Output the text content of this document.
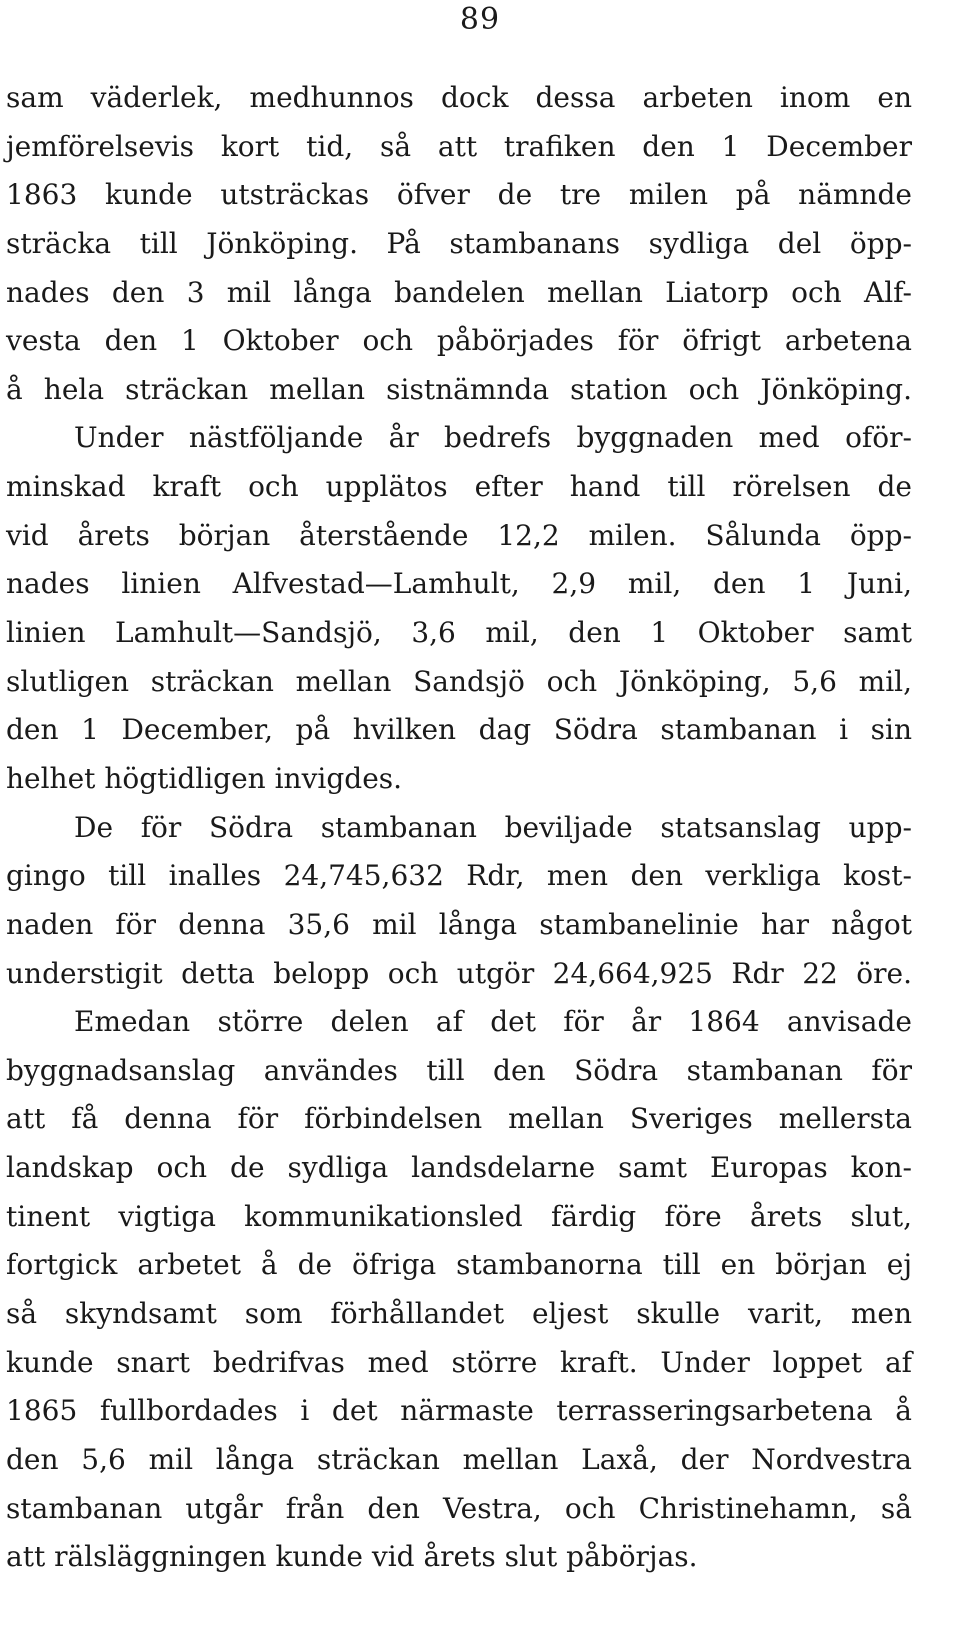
89
sam väderlek, medhunnos dock dessa arbeten inom en
jemförelsevis kort tid, så att trafiken den 1 December
1863 kunde utsträckas öfver de tre milen på nämnde
sträcka till Jönköping. På stambanans sydliga del öpp-
nades den 3 mil långa bandelen mellan Liatorp och Alf-
vesta den 1 Oktober och påbörjades för öfrigt arbetena
å hela sträckan mellan sistnämnda station och Jönköping.
Under nästföljande år bedrefs byggnaden med oför-
minskad kraft och upplätos efter hand till rörelsen de
vid årets början återstående 12,2 milen. Sålunda öpp-
nades linien Alfvestad—Lamhult, 2,9 mil, den 1 Juni,
linien Lamhult—Sandsjö, 3,6 mil, den 1 Oktober samt
slutligen sträckan mellan Sandsjö och Jönköping, 5,6 mil,
den 1 December, på hvilken dag Södra stambanan i sin
helhet högtidligen invigdes.
De för Södra stambanan beviljade statsanslag upp-
gingo till inalles 24,745,632 Rdr, men den verkliga kost-
naden för denna 35,6 mil långa stambanelinie har något
understigit detta belopp och utgör 24,664,925 Rdr 22 öre.
Emedan större delen af det för år 1864 anvisade
byggnadsanslag användes till den Södra stambanan för
att få denna för förbindelsen mellan Sveriges mellersta
landskap och de sydliga landsdelarne samt Europas kon-
tinent vigtiga kommunikationsled färdig före årets slut,
fortgick arbetet å de öfriga stambanorna till en början ej
så skyndsamt som förhållandet eljest skulle varit, men
kunde snart bedrifvas med större kraft. Under loppet af
1865 fullbordades i det närmaste terrasseringsarbetena å
den 5,6 mil långa sträckan mellan Laxå, der Nordvestra
stambanan utgår från den Vestra, och Christinehamn, så
att rälsläggningen kunde vid årets slut påbörjas.
